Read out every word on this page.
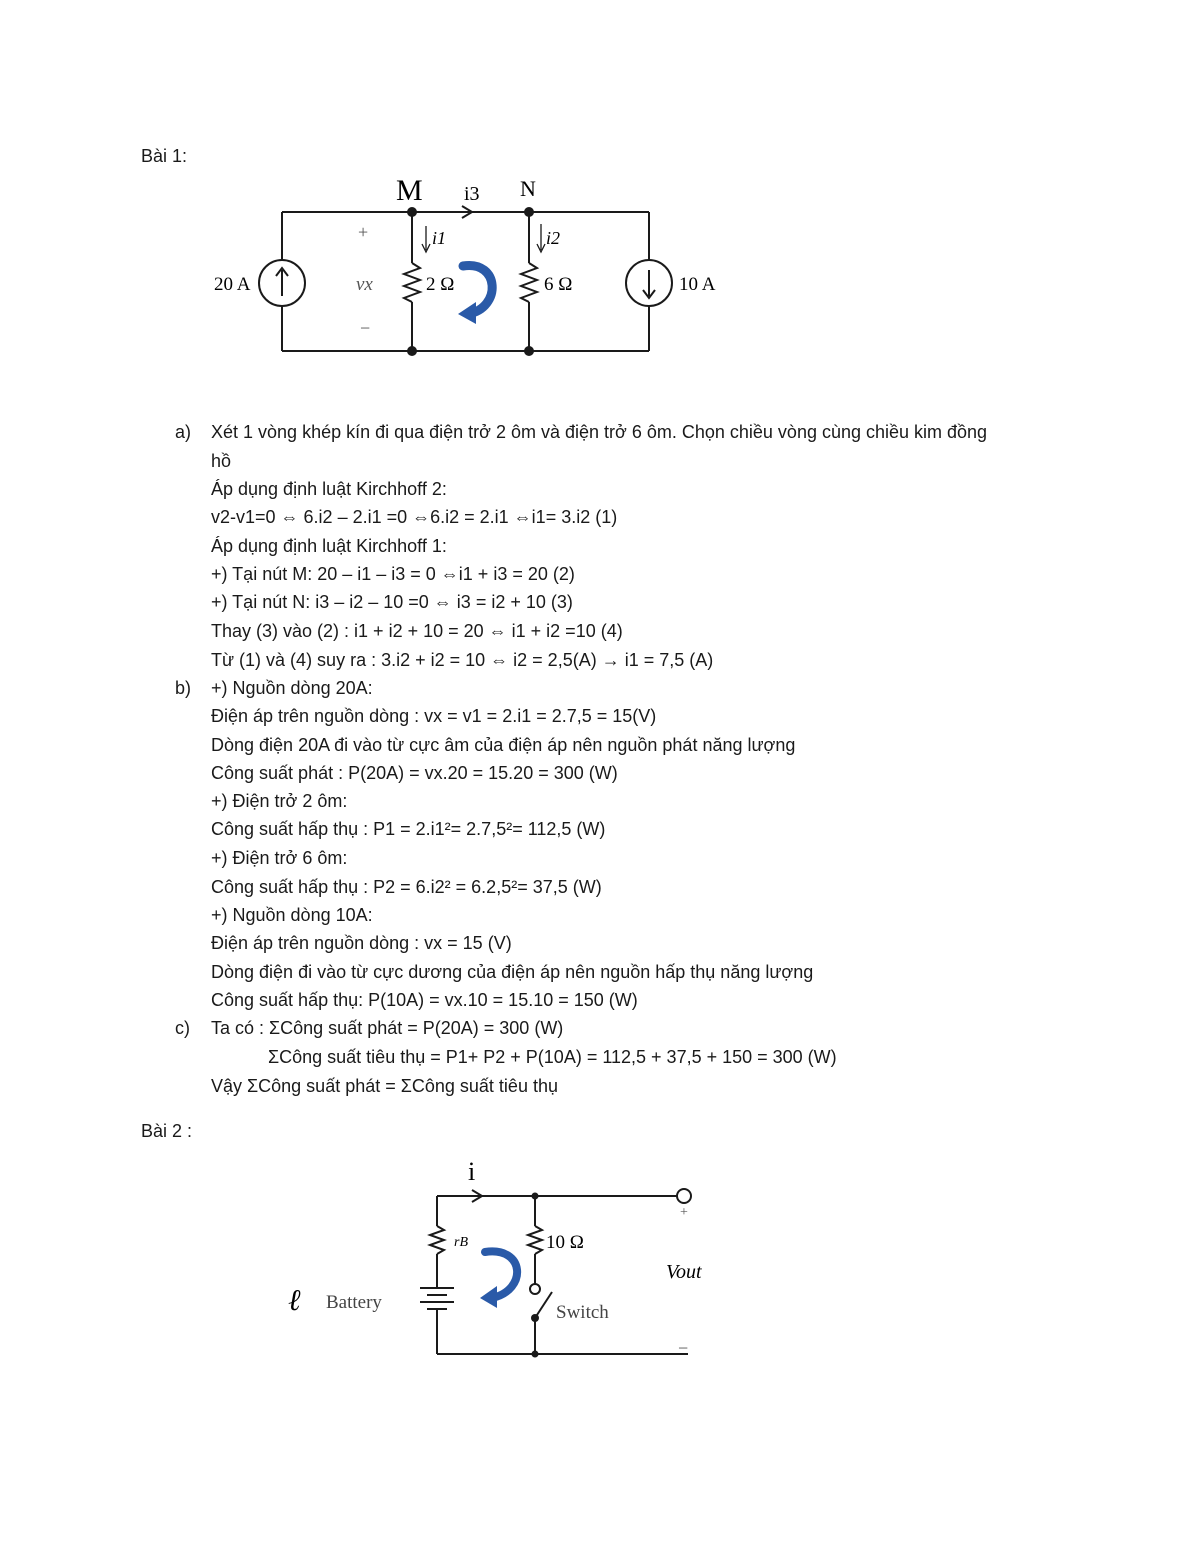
Bài 1:
M	N
i3
i1	i2
20 A	10 A
2 Ω	6 Ω
vx
+
−
a) Xét 1 vòng khép kín đi qua điện trở 2 ôm và điện trở 6 ôm. Chọn chiều vòng cùng chiều kim đồng
hồ
Áp dụng định luật Kirchhoff 2:
v2-v1=0 ⇔ 6.i2 – 2.i1 =0 ⇔6.i2 = 2.i1 ⇔i1= 3.i2 (1)
Áp dụng định luật Kirchhoff 1:
+) Tại nút M: 20 – i1 – i3 = 0 ⇔i1 + i3 = 20 (2)
+) Tại nút N: i3 – i2 – 10 =0 ⇔ i3 = i2 + 10 (3)
Thay (3) vào (2) : i1 + i2 + 10 = 20 ⇔ i1 + i2 =10 (4)
Từ (1) và (4) suy ra : 3.i2 + i2 = 10 ⇔ i2 = 2,5(A) → i1 = 7,5 (A)
b) +) Nguồn dòng 20A:
Điện áp trên nguồn dòng : vx = v1 = 2.i1 = 2.7,5 = 15(V)
Dòng điện 20A đi vào từ cực âm của điện áp nên nguồn phát năng lượng
Công suất phát : P(20A) = vx.20 = 15.20 = 300 (W)
+) Điện trở 2 ôm:
Công suất hấp thụ : P1 = 2.i1²= 2.7,5²= 112,5 (W)
+) Điện trở 6 ôm:
Công suất hấp thụ : P2 = 6.i2² = 6.2,5²= 37,5 (W)
+) Nguồn dòng 10A:
Điện áp trên nguồn dòng : vx = 15 (V)
Dòng điện đi vào từ cực dương của điện áp nên nguồn hấp thụ năng lượng
Công suất hấp thụ: P(10A) = vx.10 = 15.10 = 150 (W)
c) Ta có : ΣCông suất phát = P(20A) = 300 (W)
ΣCông suất tiêu thụ = P1+ P2 + P(10A) = 112,5 + 37,5 + 150 = 300 (W)
Vậy ΣCông suất phát = ΣCông suất tiêu thụ
Bài 2 :
i
rB	10 Ω
ℓ Battery	Switch
Vout
+
−
